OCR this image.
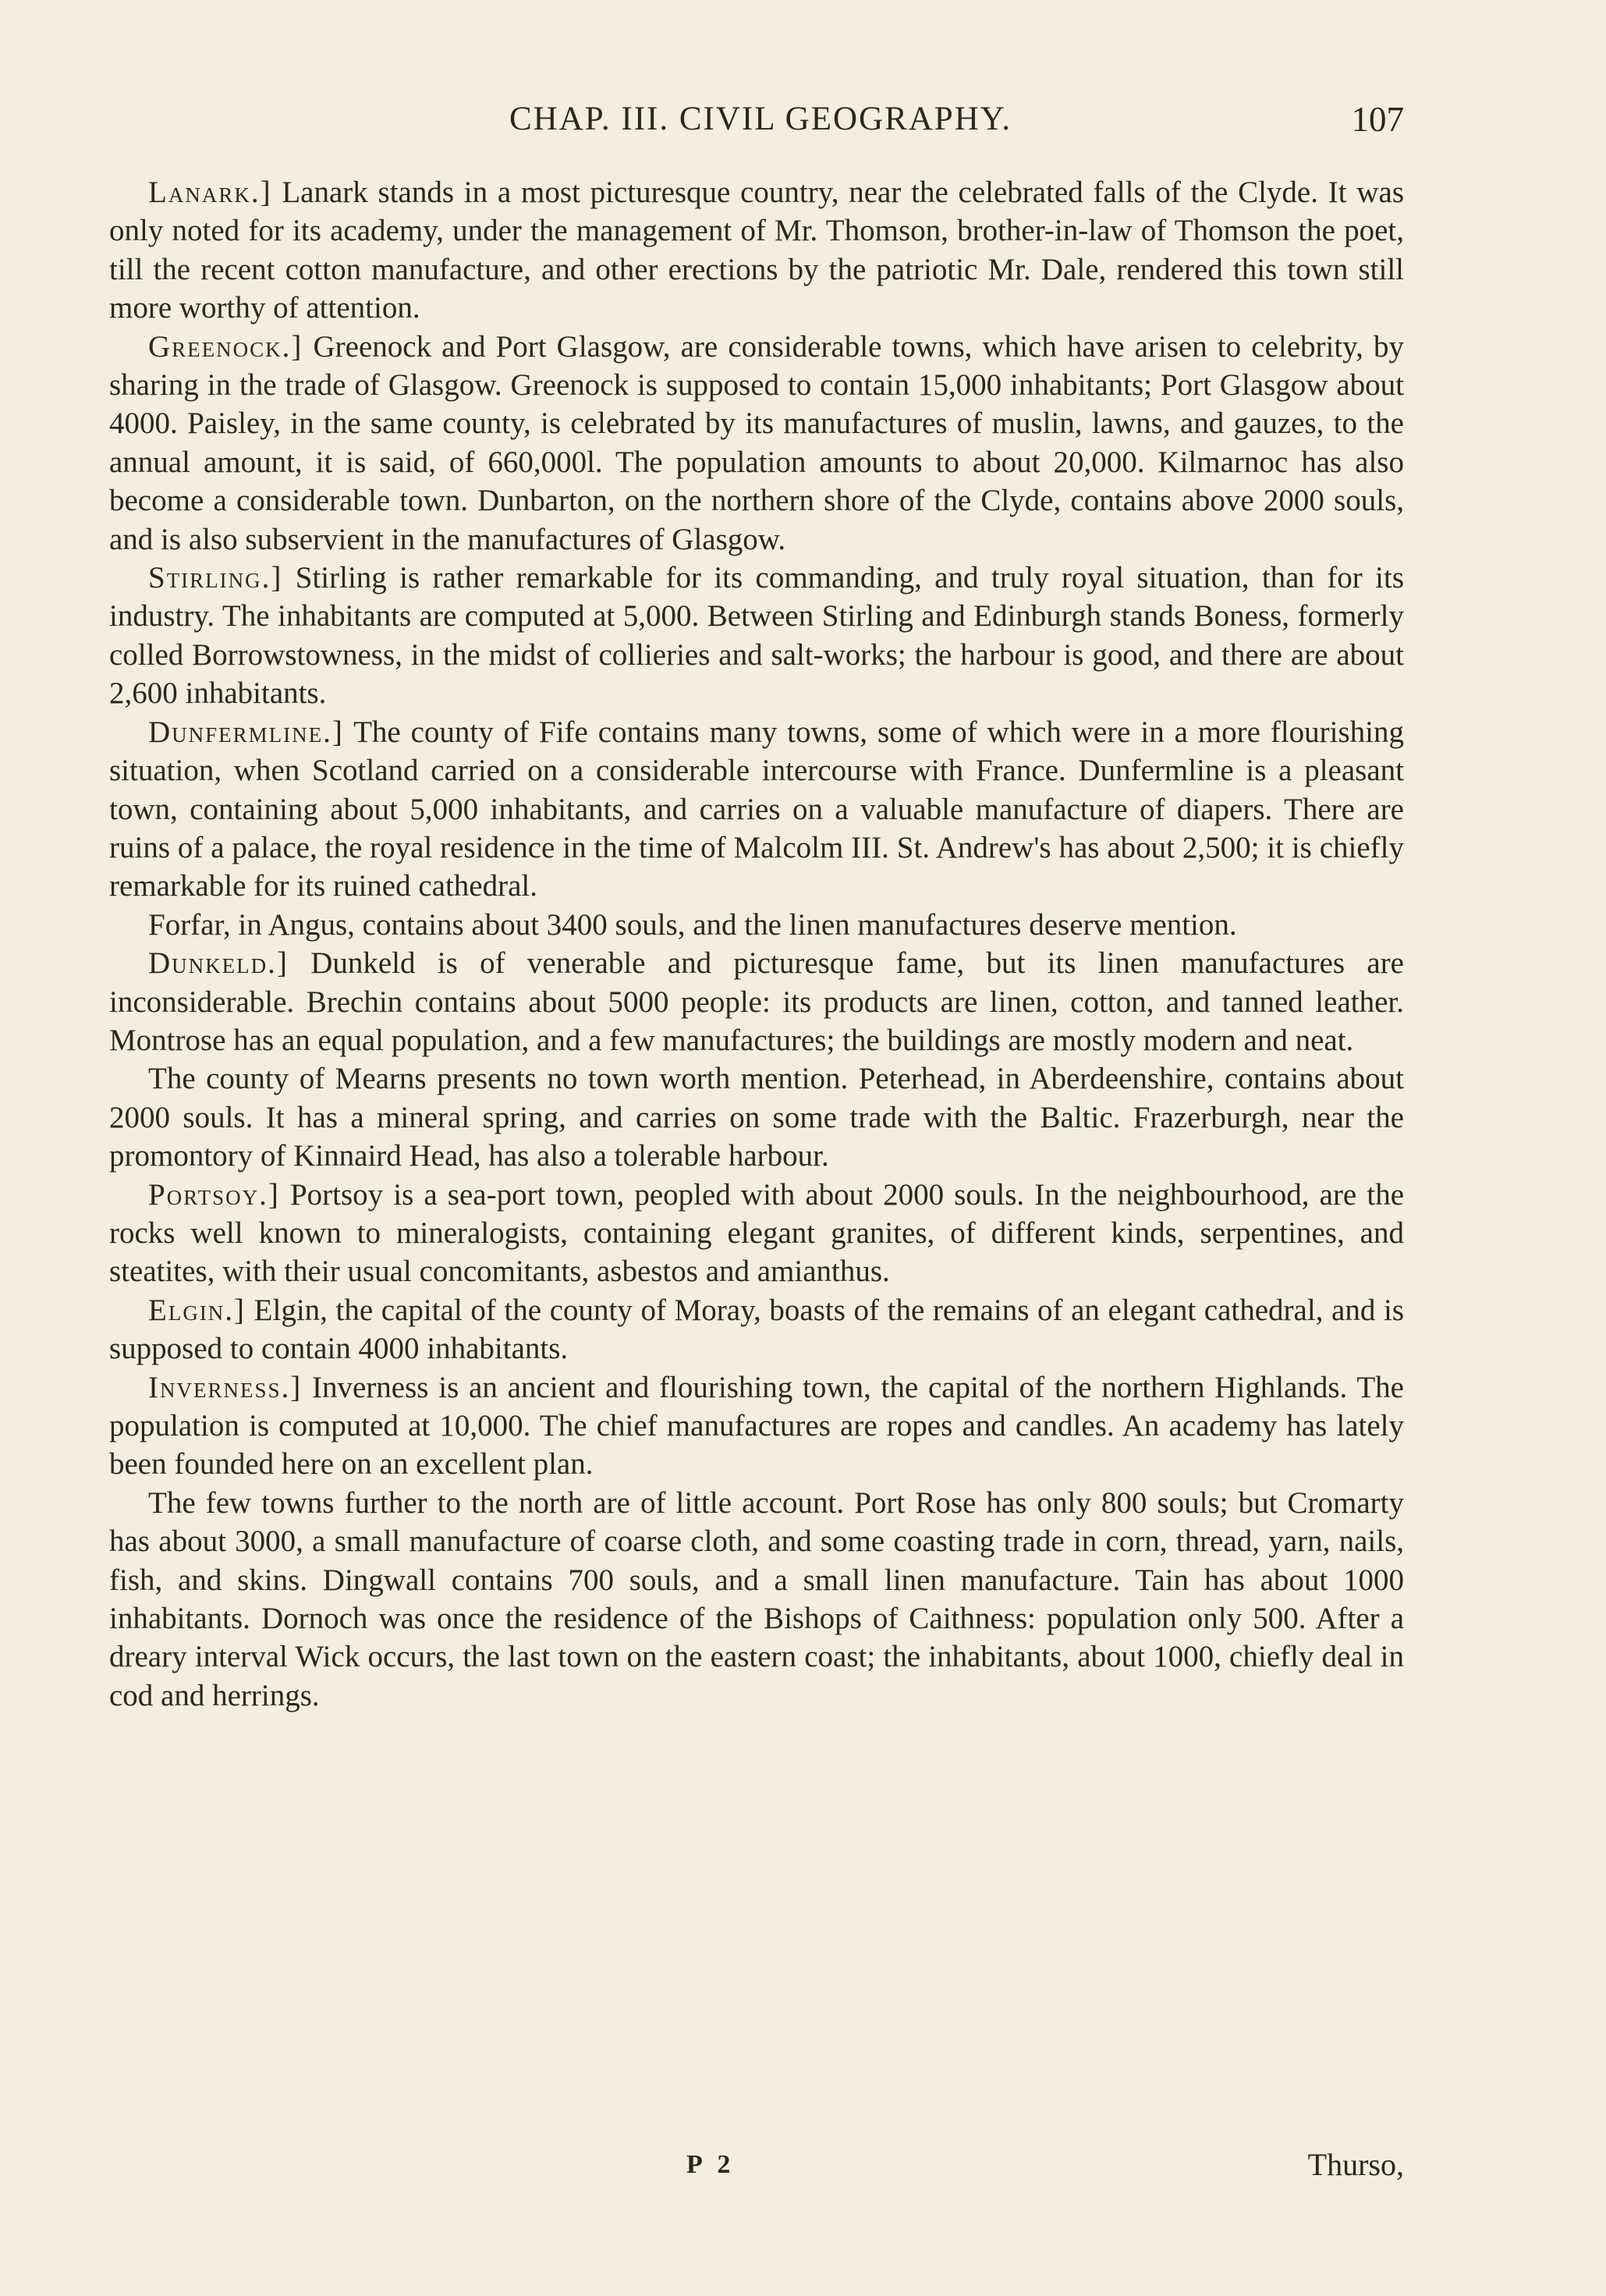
CHAP. III. CIVIL GEOGRAPHY.	107

Lanark.] Lanark stands in a most picturesque country, near the celebrated falls of the Clyde. It was only noted for its academy, under the management of Mr. Thomson, brother-in-law of Thomson the poet, till the recent cotton manufacture, and other erections by the patriotic Mr. Dale, rendered this town still more worthy of attention.

Greenock.] Greenock and Port Glasgow, are considerable towns, which have arisen to celebrity, by sharing in the trade of Glasgow. Greenock is supposed to contain 15,000 inhabitants; Port Glasgow about 4000. Paisley, in the same county, is celebrated by its manufactures of muslin, lawns, and gauzes, to the annual amount, it is said, of 660,000l. The population amounts to about 20,000. Kilmarnoc has also become a considerable town. Dunbarton, on the northern shore of the Clyde, contains above 2000 souls, and is also subservient in the manufactures of Glasgow.

Stirling.] Stirling is rather remarkable for its commanding, and truly royal situation, than for its industry. The inhabitants are computed at 5,000. Between Stirling and Edinburgh stands Boness, formerly colled Borrowstowness, in the midst of collieries and salt-works; the harbour is good, and there are about 2,600 inhabitants.

Dunfermline.] The county of Fife contains many towns, some of which were in a more flourishing situation, when Scotland carried on a considerable intercourse with France. Dunfermline is a pleasant town, containing about 5,000 inhabitants, and carries on a valuable manufacture of diapers. There are ruins of a palace, the royal residence in the time of Malcolm III. St. Andrew's has about 2,500; it is chiefly remarkable for its ruined cathedral.

Forfar, in Angus, contains about 3400 souls, and the linen manufactures deserve mention.

Dunkeld.] Dunkeld is of venerable and picturesque fame, but its linen manufactures are inconsiderable. Brechin contains about 5000 people: its products are linen, cotton, and tanned leather. Montrose has an equal population, and a few manufactures; the buildings are mostly modern and neat.

The county of Mearns presents no town worth mention. Peterhead, in Aberdeenshire, contains about 2000 souls. It has a mineral spring, and carries on some trade with the Baltic. Frazerburgh, near the promontory of Kinnaird Head, has also a tolerable harbour.

Portsoy.] Portsoy is a sea-port town, peopled with about 2000 souls. In the neighbourhood, are the rocks well known to mineralogists, containing elegant granites, of different kinds, serpentines, and steatites, with their usual concomitants, asbestos and amianthus.

Elgin.] Elgin, the capital of the county of Moray, boasts of the remains of an elegant cathedral, and is supposed to contain 4000 inhabitants.

Inverness.] Inverness is an ancient and flourishing town, the capital of the northern Highlands. The population is computed at 10,000. The chief manufactures are ropes and candles. An academy has lately been founded here on an excellent plan.

The few towns further to the north are of little account. Port Rose has only 800 souls; but Cromarty has about 3000, a small manufacture of coarse cloth, and some coasting trade in corn, thread, yarn, nails, fish, and skins. Dingwall contains 700 souls, and a small linen manufacture. Tain has about 1000 inhabitants. Dornoch was once the residence of the Bishops of Caithness: population only 500. After a dreary interval Wick occurs, the last town on the eastern coast; the inhabitants, about 1000, chiefly deal in cod and herrings.

P 2	Thurso,
